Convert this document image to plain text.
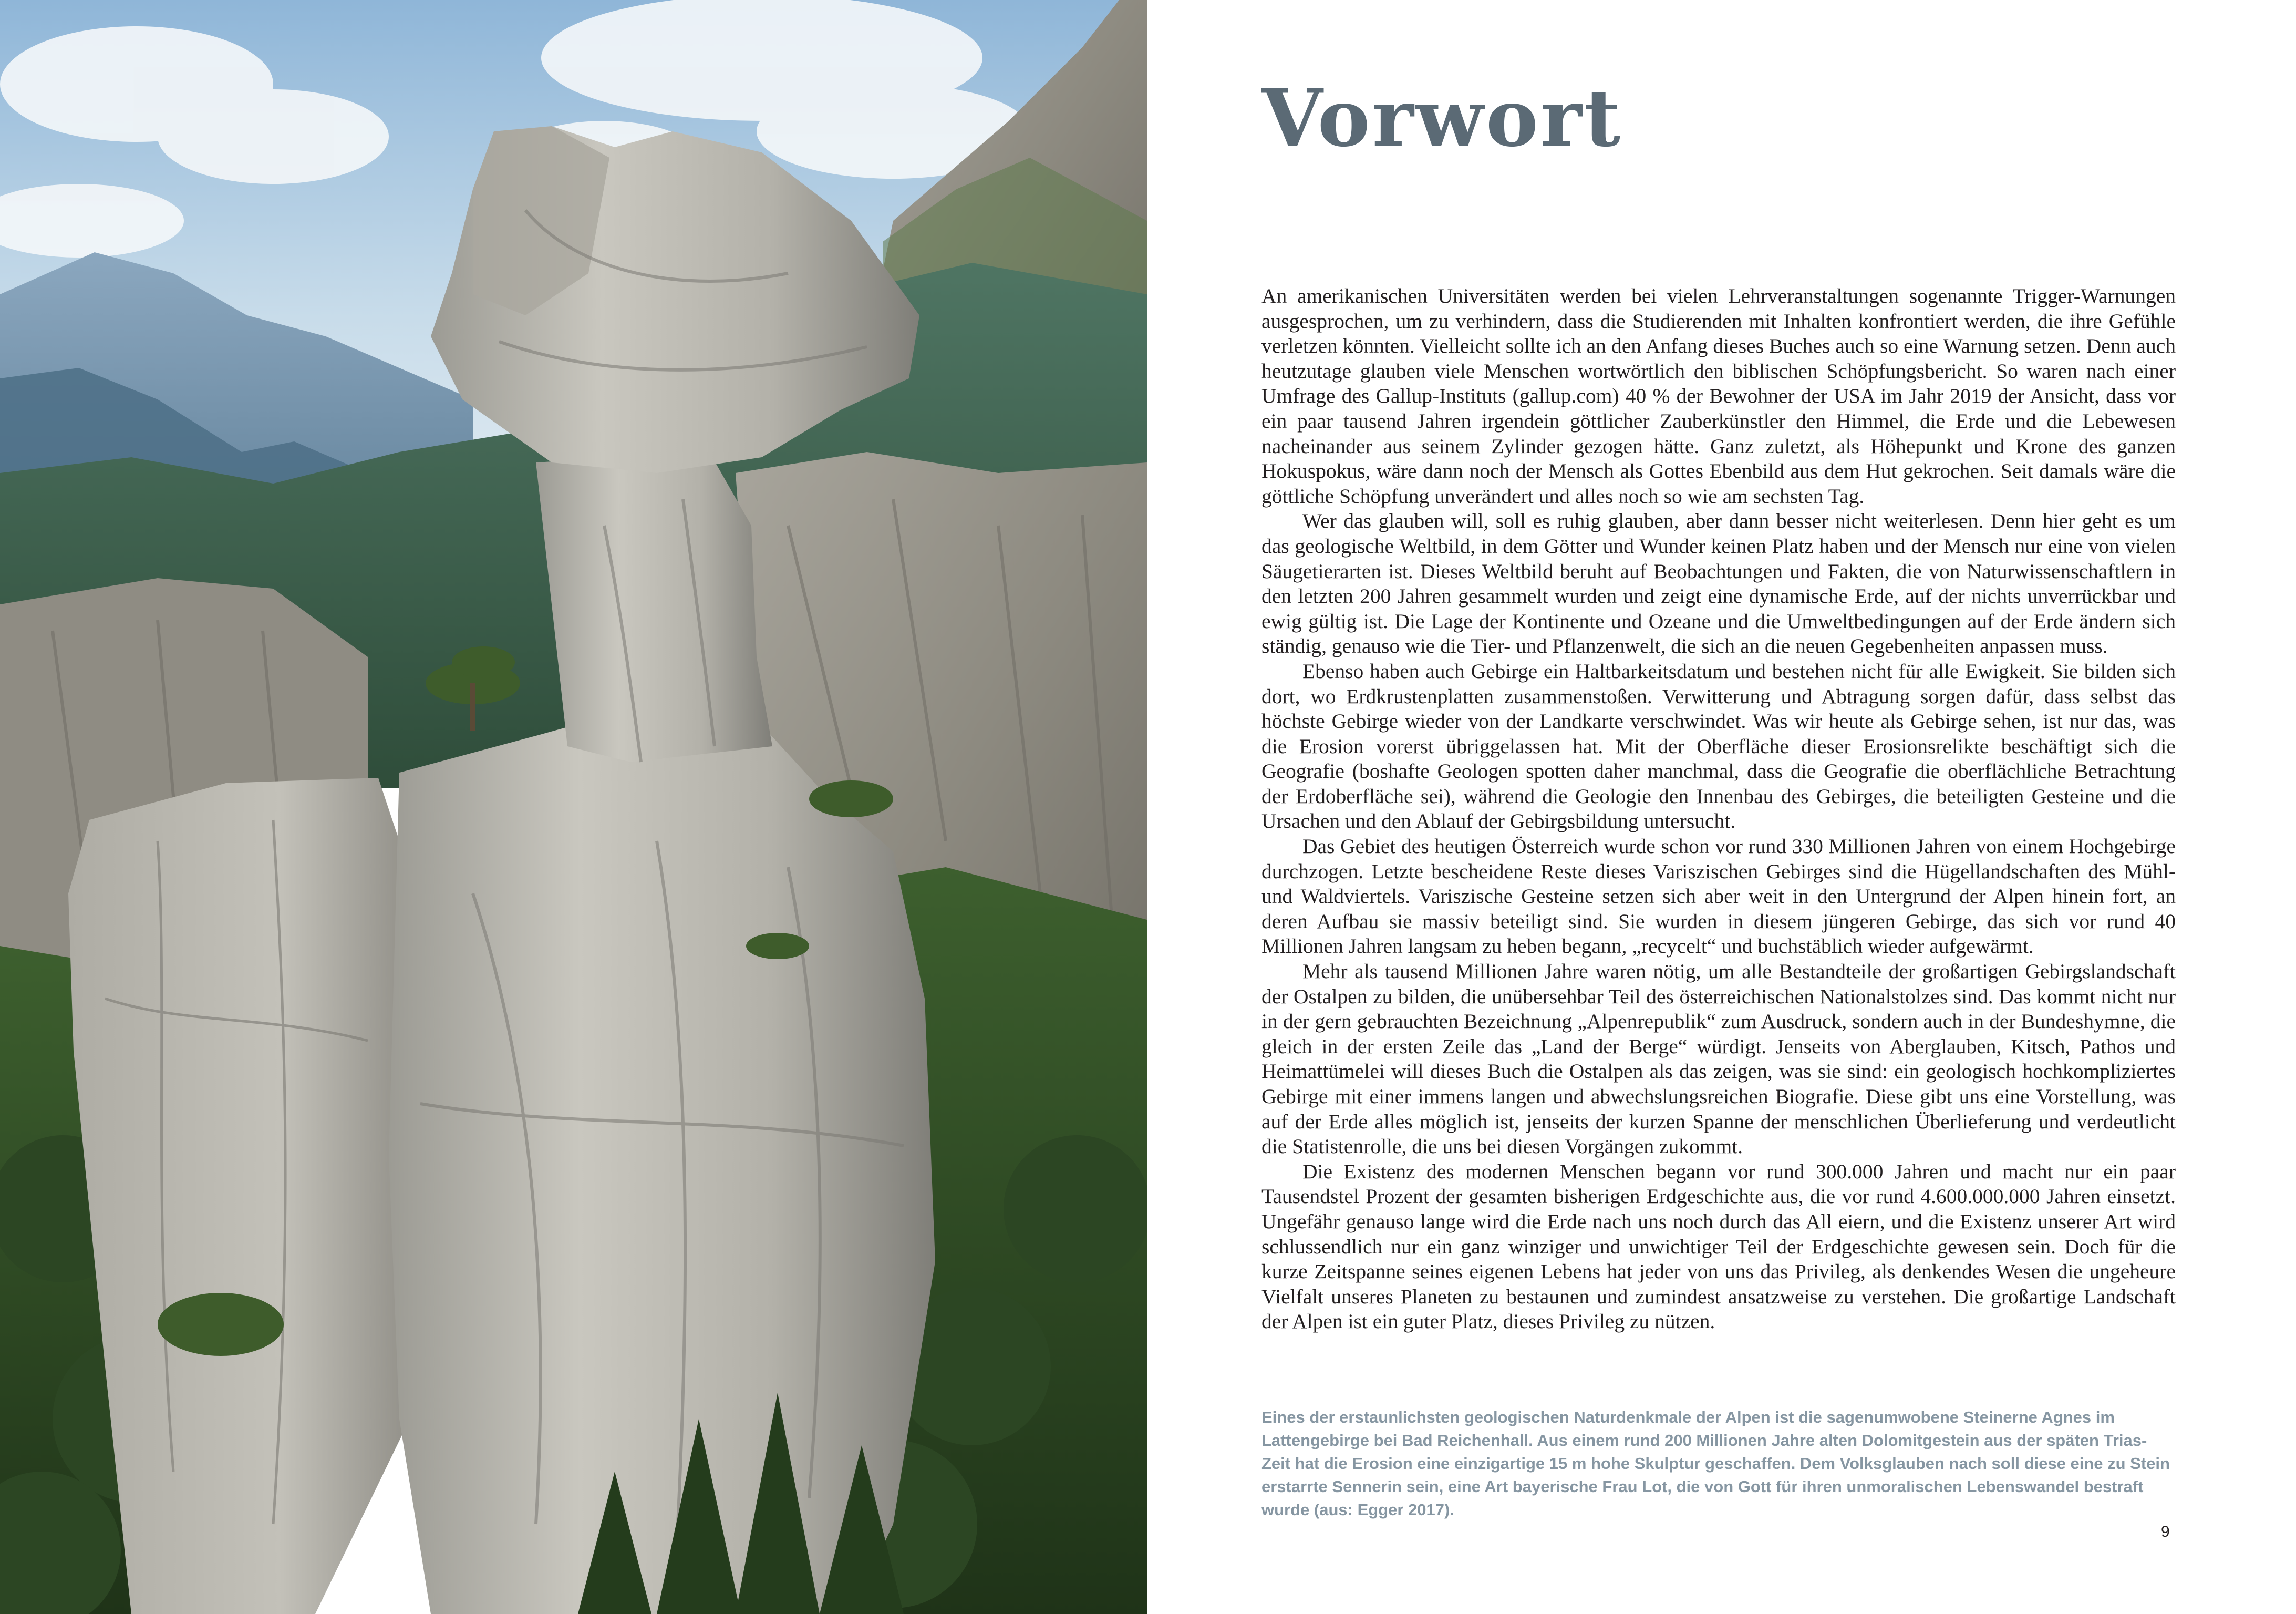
Vorwort

An amerikanischen Universitäten werden bei vielen Lehrveranstaltungen sogenannte Trigger-Warnungen ausgesprochen, um zu verhindern, dass die Studierenden mit Inhalten konfrontiert werden, die ihre Gefühle verletzen könnten. Vielleicht sollte ich an den Anfang dieses Buches auch so eine Warnung setzen. Denn auch heutzutage glauben viele Menschen wortwörtlich den biblischen Schöpfungsbericht. So waren nach einer Umfrage des Gallup-Instituts (gallup.com) 40 % der Bewohner der USA im Jahr 2019 der Ansicht, dass vor ein paar tausend Jahren irgendein göttlicher Zauberkünstler den Himmel, die Erde und die Lebewesen nacheinander aus seinem Zylinder gezogen hätte. Ganz zuletzt, als Höhepunkt und Krone des ganzen Hokuspokus, wäre dann noch der Mensch als Gottes Ebenbild aus dem Hut gekrochen. Seit damals wäre die göttliche Schöpfung unverändert und alles noch so wie am sechsten Tag.

Wer das glauben will, soll es ruhig glauben, aber dann besser nicht weiterlesen. Denn hier geht es um das geologische Weltbild, in dem Götter und Wunder keinen Platz haben und der Mensch nur eine von vielen Säugetierarten ist. Dieses Weltbild beruht auf Beobachtungen und Fakten, die von Naturwissenschaftlern in den letzten 200 Jahren gesammelt wurden und zeigt eine dynamische Erde, auf der nichts unverrückbar und ewig gültig ist. Die Lage der Kontinente und Ozeane und die Umweltbedingungen auf der Erde ändern sich ständig, genauso wie die Tier- und Pflanzenwelt, die sich an die neuen Gegebenheiten anpassen muss.

Ebenso haben auch Gebirge ein Haltbarkeitsdatum und bestehen nicht für alle Ewigkeit. Sie bilden sich dort, wo Erdkrustenplatten zusammenstoßen. Verwitterung und Abtragung sorgen dafür, dass selbst das höchste Gebirge wieder von der Landkarte verschwindet. Was wir heute als Gebirge sehen, ist nur das, was die Erosion vorerst übriggelassen hat. Mit der Oberfläche dieser Erosionsrelikte beschäftigt sich die Geografie (boshafte Geologen spotten daher manchmal, dass die Geografie die oberflächliche Betrachtung der Erdoberfläche sei), während die Geologie den Innenbau des Gebirges, die beteiligten Gesteine und die Ursachen und den Ablauf der Gebirgsbildung untersucht.

Das Gebiet des heutigen Österreich wurde schon vor rund 330 Millionen Jahren von einem Hochgebirge durchzogen. Letzte bescheidene Reste dieses Variszischen Gebirges sind die Hügellandschaften des Mühl- und Waldviertels. Variszische Gesteine setzen sich aber weit in den Untergrund der Alpen hinein fort, an deren Aufbau sie massiv beteiligt sind. Sie wurden in diesem jüngeren Gebirge, das sich vor rund 40 Millionen Jahren langsam zu heben begann, „recycelt“ und buchstäblich wieder aufgewärmt.

Mehr als tausend Millionen Jahre waren nötig, um alle Bestandteile der großartigen Gebirgslandschaft der Ostalpen zu bilden, die unübersehbar Teil des österreichischen Nationalstolzes sind. Das kommt nicht nur in der gern gebrauchten Bezeichnung „Alpenrepublik“ zum Ausdruck, sondern auch in der Bundeshymne, die gleich in der ersten Zeile das „Land der Berge“ würdigt. Jenseits von Aberglauben, Kitsch, Pathos und Heimattümelei will dieses Buch die Ostalpen als das zeigen, was sie sind: ein geologisch hochkompliziertes Gebirge mit einer immens langen und abwechslungsreichen Biografie. Diese gibt uns eine Vorstellung, was auf der Erde alles möglich ist, jenseits der kurzen Spanne der menschlichen Überlieferung und verdeutlicht die Statistenrolle, die uns bei diesen Vorgängen zukommt.

Die Existenz des modernen Menschen begann vor rund 300.000 Jahren und macht nur ein paar Tausendstel Prozent der gesamten bisherigen Erdgeschichte aus, die vor rund 4.600.000.000 Jahren einsetzt. Ungefähr genauso lange wird die Erde nach uns noch durch das All eiern, und die Existenz unserer Art wird schlussendlich nur ein ganz winziger und unwichtiger Teil der Erdgeschichte gewesen sein. Doch für die kurze Zeitspanne seines eigenen Lebens hat jeder von uns das Privileg, als denkendes Wesen die ungeheure Vielfalt unseres Planeten zu bestaunen und zumindest ansatzweise zu verstehen. Die großartige Landschaft der Alpen ist ein guter Platz, dieses Privileg zu nützen.

Eines der erstaunlichsten geologischen Naturdenkmale der Alpen ist die sagenumwobene Steinerne Agnes im Lattengebirge bei Bad Reichenhall. Aus einem rund 200 Millionen Jahre alten Dolomitgestein aus der späten Trias-Zeit hat die Erosion eine einzigartige 15 m hohe Skulptur geschaffen. Dem Volksglauben nach soll diese eine zu Stein erstarrte Sennerin sein, eine Art bayerische Frau Lot, die von Gott für ihren unmoralischen Lebenswandel bestraft wurde (aus: Egger 2017).

9
